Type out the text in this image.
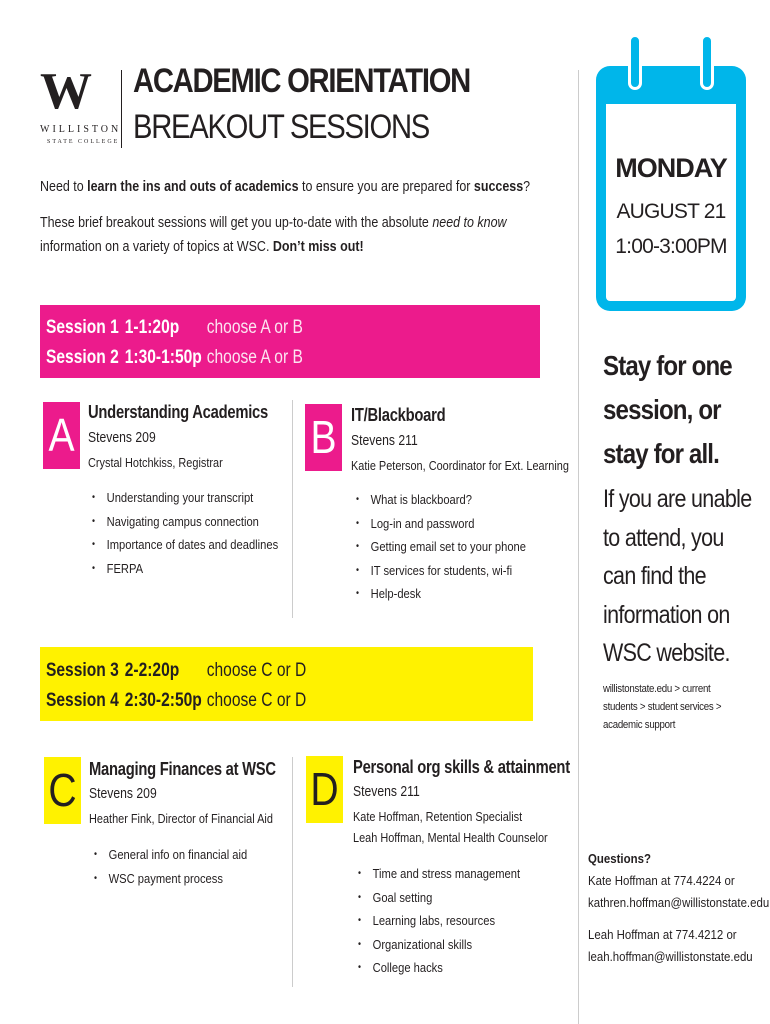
W
WILLISTON
STATE COLLEGE
ACADEMIC ORIENTATION
BREAKOUT SESSIONS
Need to learn the ins and outs of academics to ensure you are prepared for success?
These brief breakout sessions will get you up-to-date with the absolute need to know
information on a variety of topics at WSC. Don’t miss out!
MONDAY
AUGUST 21
1:00-3:00PM
Stay for one
session, or
stay for all.
If you are unable
to attend, you
can find the
information on
WSC website.
willistonstate.edu > current
students > student services >
academic support
Questions?
Kate Hoffman at 774.4224 or
kathren.hoffman@willistonstate.edu
Leah Hoffman at 774.4212 or
leah.hoffman@willistonstate.edu
Session 1 1-1:20p choose A or B
Session 2 1:30-1:50p choose A or B
A Understanding Academics
Stevens 209
Crystal Hotchkiss, Registrar
• Understanding your transcript
• Navigating campus connection
• Importance of dates and deadlines
• FERPA
B IT/Blackboard
Stevens 211
Katie Peterson, Coordinator for Ext. Learning
• What is blackboard?
• Log-in and password
• Getting email set to your phone
• IT services for students, wi-fi
• Help-desk
Session 3 2-2:20p choose C or D
Session 4 2:30-2:50p choose C or D
C Managing Finances at WSC
Stevens 209
Heather Fink, Director of Financial Aid
• General info on financial aid
• WSC payment process
D Personal org skills & attainment
Stevens 211
Kate Hoffman, Retention Specialist
Leah Hoffman, Mental Health Counselor
• Time and stress management
• Goal setting
• Learning labs, resources
• Organizational skills
• College hacks
